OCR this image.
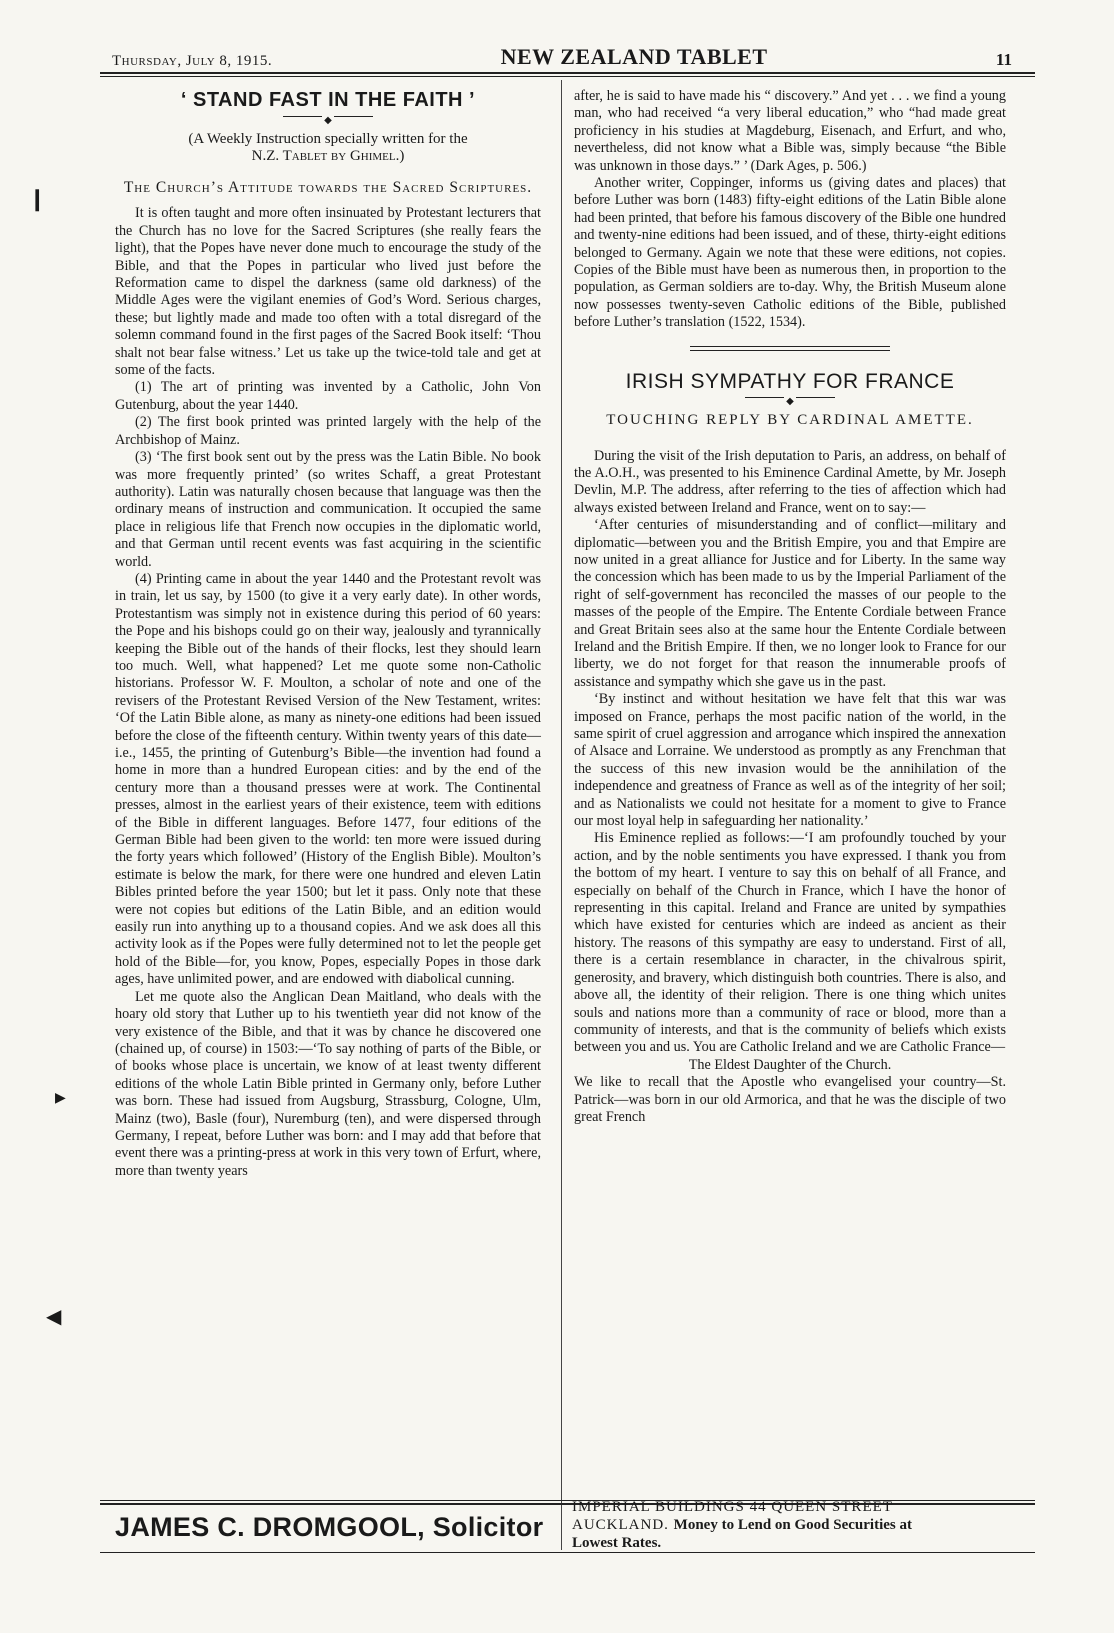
Thursday, July 8, 1915.	NEW ZEALAND TABLET	11
‘ STAND FAST IN THE FAITH ’
◆
(A Weekly Instruction specially written for the
N.Z. Tablet by Ghimel.)
The Church’s Attitude towards the Sacred Scriptures.

It is often taught and more often insinuated by Protestant lecturers that the Church has no love for the Sacred Scriptures (she really fears the light), that the Popes have never done much to encourage the study of the Bible, and that the Popes in particular who lived just before the Reformation came to dispel the darkness (same old darkness) of the Middle Ages were the vigilant enemies of God’s Word. Serious charges, these; but lightly made and made too often with a total disregard of the solemn command found in the first pages of the Sacred Book itself: ‘Thou shalt not bear false witness.’ Let us take up the twice-told tale and get at some of the facts.

(1) The art of printing was invented by a Catholic, John Von Gutenburg, about the year 1440.

(2) The first book printed was printed largely with the help of the Archbishop of Mainz.

(3) ‘The first book sent out by the press was the Latin Bible. No book was more frequently printed’ (so writes Schaff, a great Protestant authority). Latin was naturally chosen because that language was then the ordinary means of instruction and communication. It occupied the same place in religious life that French now occupies in the diplomatic world, and that German until recent events was fast acquiring in the scientific world.

(4) Printing came in about the year 1440 and the Protestant revolt was in train, let us say, by 1500 (to give it a very early date). In other words, Protestantism was simply not in existence during this period of 60 years: the Pope and his bishops could go on their way, jealously and tyrannically keeping the Bible out of the hands of their flocks, lest they should learn too much. Well, what happened? Let me quote some non-Catholic historians. Professor W. F. Moulton, a scholar of note and one of the revisers of the Protestant Revised Version of the New Testament, writes: ‘Of the Latin Bible alone, as many as ninety-one editions had been issued before the close of the fifteenth century. Within twenty years of this date—i.e., 1455, the printing of Gutenburg’s Bible—the invention had found a home in more than a hundred European cities: and by the end of the century more than a thousand presses were at work. The Continental presses, almost in the earliest years of their existence, teem with editions of the Bible in different languages. Before 1477, four editions of the German Bible had been given to the world: ten more were issued during the forty years which followed’ (History of the English Bible). Moulton’s estimate is below the mark, for there were one hundred and eleven Latin Bibles printed before the year 1500; but let it pass. Only note that these were not copies but editions of the Latin Bible, and an edition would easily run into anything up to a thousand copies. And we ask does all this activity look as if the Popes were fully determined not to let the people get hold of the Bible—for, you know, Popes, especially Popes in those dark ages, have unlimited power, and are endowed with diabolical cunning.

Let me quote also the Anglican Dean Maitland, who deals with the hoary old story that Luther up to his twentieth year did not know of the very existence of the Bible, and that it was by chance he discovered one (chained up, of course) in 1503:—‘To say nothing of parts of the Bible, or of books whose place is uncertain, we know of at least twenty different editions of the whole Latin Bible printed in Germany only, before Luther was born. These had issued from Augsburg, Strassburg, Cologne, Ulm, Mainz (two), Basle (four), Nuremburg (ten), and were dispersed through Germany, I repeat, before Luther was born: and I may add that before that event there was a printing-press at work in this very town of Erfurt, where, more than twenty years

after, he is said to have made his “ discovery.” And yet . . . we find a young man, who had received “a very liberal education,” who “had made great proficiency in his studies at Magdeburg, Eisenach, and Erfurt, and who, nevertheless, did not know what a Bible was, simply because “the Bible was unknown in those days.” ’ (Dark Ages, p. 506.)

Another writer, Coppinger, informs us (giving dates and places) that before Luther was born (1483) fifty-eight editions of the Latin Bible alone had been printed, that before his famous discovery of the Bible one hundred and twenty-nine editions had been issued, and of these, thirty-eight editions belonged to Germany. Again we note that these were editions, not copies. Copies of the Bible must have been as numerous then, in proportion to the population, as German soldiers are to-day. Why, the British Museum alone now possesses twenty-seven Catholic editions of the Bible, published before Luther’s translation (1522, 1534).

IRISH SYMPATHY FOR FRANCE
◆
TOUCHING REPLY BY CARDINAL AMETTE.

During the visit of the Irish deputation to Paris, an address, on behalf of the A.O.H., was presented to his Eminence Cardinal Amette, by Mr. Joseph Devlin, M.P. The address, after referring to the ties of affection which had always existed between Ireland and France, went on to say:—

‘After centuries of misunderstanding and of conflict—military and diplomatic—between you and the British Empire, you and that Empire are now united in a great alliance for Justice and for Liberty. In the same way the concession which has been made to us by the Imperial Parliament of the right of self-government has reconciled the masses of our people to the masses of the people of the Empire. The Entente Cordiale between France and Great Britain sees also at the same hour the Entente Cordiale between Ireland and the British Empire. If then, we no longer look to France for our liberty, we do not forget for that reason the innumerable proofs of assistance and sympathy which she gave us in the past.

‘By instinct and without hesitation we have felt that this war was imposed on France, perhaps the most pacific nation of the world, in the same spirit of cruel aggression and arrogance which inspired the annexation of Alsace and Lorraine. We understood as promptly as any Frenchman that the success of this new invasion would be the annihilation of the independence and greatness of France as well as of the integrity of her soil; and as Nationalists we could not hesitate for a moment to give to France our most loyal help in safeguarding her nationality.’

His Eminence replied as follows:—‘I am profoundly touched by your action, and by the noble sentiments you have expressed. I thank you from the bottom of my heart. I venture to say this on behalf of all France, and especially on behalf of the Church in France, which I have the honor of representing in this capital. Ireland and France are united by sympathies which have existed for centuries which are indeed as ancient as their history. The reasons of this sympathy are easy to understand. First of all, there is a certain resemblance in character, in the chivalrous spirit, generosity, and bravery, which distinguish both countries. There is also, and above all, the identity of their religion. There is one thing which unites souls and nations more than a community of race or blood, more than a community of interests, and that is the community of beliefs which exists between you and us. You are Catholic Ireland and we are Catholic France—

The Eldest Daughter of the Church.

We like to recall that the Apostle who evangelised your country—St. Patrick—was born in our old Armorica, and that he was the disciple of two great French

JAMES C. DROMGOOL, Solicitor
IMPERIAL BUILDINGS 44 QUEEN STREET
AUCKLAND. Money to Lend on Good Securities at
Lowest Rates.
❙
▶
◀
